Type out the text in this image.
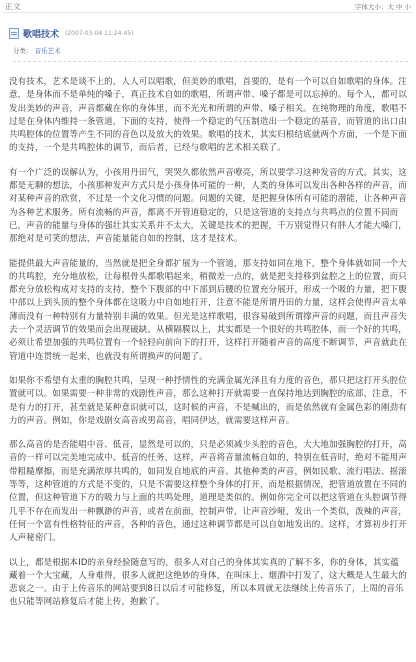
正文	字体大小：大 中 小
歌唱技术 (2007-03-04 11:24:45)
分类： 音乐艺术

没有技术，艺术是谈不上的，人人可以唱歌，但美妙的歌唱，首要的，是有一个可以自如歌唱的身体。注意，是身体而不是单纯的嗓子，真正技术自如的歌唱，所谓声带、嗓子都是可以忘掉的。每个人，都可以发出美妙的声音，声音都藏在你的身体里，而不光光和所谓的声带、嗓子相关。在纯物理的角度，歌唱不过是在身体内维持一条管道，下面的支持，使得一个稳定的气压制造出一个稳定的基音，而管道的出口由共鸣腔体的位置等产生不同的音色以及放大的效果。歌唱的技术，其实归根结底就两个方面，一个是下面的支持，一个是共鸣腔体的调节，而后者，已经与歌唱的艺术相关联了。

有一个广泛的误解认为，小孩用丹田气，哭哭久都依然声音嘹亮，所以要学习这种发音的方式。其实，这都是无聊的想法，小孩那种发声方式只是小孩身体可能的一种，人类的身体可以发出各种各样的声音，而对某种声音的欣赏，不过是一个文化习惯的问题。问题的关键，是把握身体所有可能的潜能，让各种声音为各种艺术服务。所有流畅的声音，都离不开管道稳定的，只是这管道的支持点与共鸣点的位置不同而已，声音的能量与身体的强壮其实关系并不太大，关键是技术的把握，千万别觉得只有胖人才能大嗓门，那绝对是可笑的想法，声音能量能自如的控制，这才是技术。

能提供最大声音能量的，当然就是把全身都扩展为一个管道，那支持如同在地下，整个身体就如同一个大的共鸣腔，充分地放松，让每根骨头都歌唱起来，稍微差一点的，就是把支持移到盆腔之上的位置，而只都充分放松构成对支持的支持，整个下腹部的中下部到后腰的位置充分展开，形成一个吸的力量，把下腹中部以上到头顶的整个身体都在这吸力中自如地打开，注意不能是所谓丹田的力量，这样会使得声音太单薄而没有一种特别有力量特别丰满的效果。但光是这样歌唱，很容易破到所谓撑声音的问题，而且声音失去一个灵活调节的效果而会出现破缺。从横隔膜以上，其实都是一个很好的共鸣腔体，而一个好的共鸣，必须让希望加强的共鸣位置有一个轻轻向前向下的打开，这样打开随着声音的高度不断调节，声音就此在管道中连贯统一起来，也就没有所谓换声的问题了。

如果你不希望有太重的胸腔共鸣，呈现一种抒情性的充满金属光泽且有力度的音色，那只把这打开头腔位置就可以。如果需要一种非常的戏剧性声音，那么这种打开就需要一直保持地达到胸腔的底部，注意，不是有力的打开，甚至就是某种意识就可以，这时候的声音，不是喊出的，而是依然就有金属色彩的刚劲有力的声音。例如，你是戏剧女高音或男高音，唱同伊达，就需要这样声音。

那么高音的是否能唱中音、低音，显然是可以的，只是必须减少头腔的音色，大大地加强胸腔的打开，高音的一样可以完美地完成中、低音的任务，这样，声音将音量流畅自如的，特别在低音时，绝对不能用声带粗糙摩擦，而是充满浓厚共鸣的，如同发自地底的声音。其他种类的声音，例如民歌、流行唱法、摇滚等等，这种管道的方式是不变的，只是不需要这样整个身体的打开，而是根据情况，把管道放置在不同的位置，但这种管道下方的吸力与上面的共鸣处理，道理是类似的。例如你完全可以把这管道在头腔调节得几乎不存在而发出一种飘渺的声音，或者在前面，控制声带，让声音沙哑，发出一个类似，泼辣的声音，任何一个富有性格特征的声音，各种的音色，通过这种调节都是可以自如地发出的。这样，才算初步打开人声秘密门。

以上，都是根据本ID的亲身经验随意写的，很多人对自己的身体其实真的了解不多，你的身体，其实蕴藏着一个大宝藏，人身难得，很多人就把这绝妙的身体，在叫床上、烟酒中打发了，这大概是人生最大的悲哀之一。由于上传音乐的网站要到8日以后才可能修复，所以本周就无法继续上传音乐了，上周的音乐也只能等网站修复后才能上传，抱歉了。
